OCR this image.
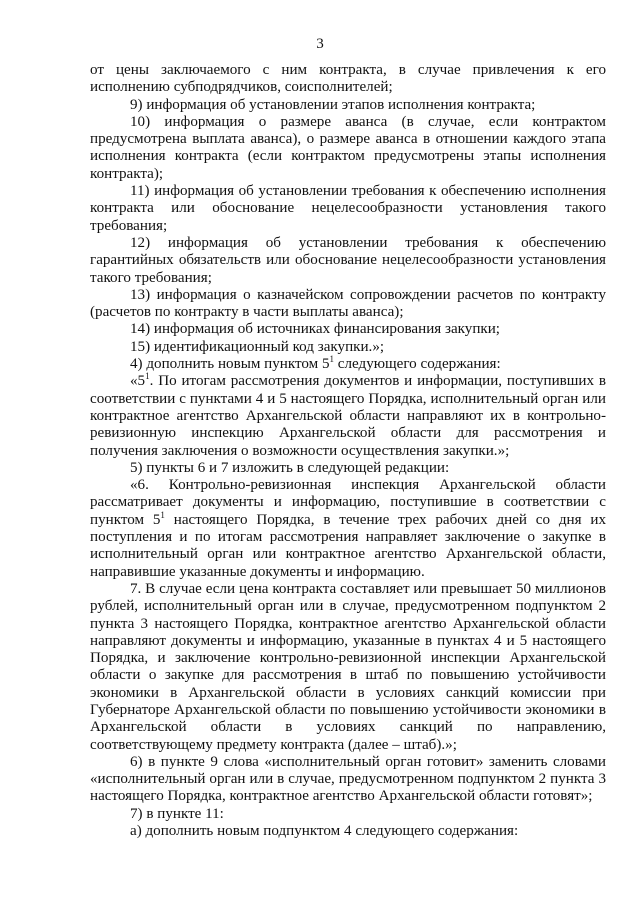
3

от цены заключаемого с ним контракта, в случае привлечения к его исполнению субподрядчиков, соисполнителей;

9) информация об установлении этапов исполнения контракта;

10) информация о размере аванса (в случае, если контрактом предусмотрена выплата аванса), о размере аванса в отношении каждого этапа исполнения контракта (если контрактом предусмотрены этапы исполнения контракта);

11) информация об установлении требования к обеспечению исполнения контракта или обоснование нецелесообразности установления такого требования;

12) информация об установлении требования к обеспечению гарантийных обязательств или обоснование нецелесообразности установления такого требования;

13) информация о казначейском сопровождении расчетов по контракту (расчетов по контракту в части выплаты аванса);

14) информация об источниках финансирования закупки;

15) идентификационный код закупки.»;

4) дополнить новым пунктом $5^1$ следующего содержания:

«$5^1$. По итогам рассмотрения документов и информации, поступивших в соответствии с пунктами 4 и 5 настоящего Порядка, исполнительный орган или контрактное агентство Архангельской области направляют их в контрольно-ревизионную инспекцию Архангельской области для рассмотрения и получения заключения о возможности осуществления закупки.»;

5) пункты 6 и 7 изложить в следующей редакции:

«6. Контрольно-ревизионная инспекция Архангельской области рассматривает документы и информацию, поступившие в соответствии с пунктом $5^1$ настоящего Порядка, в течение трех рабочих дней со дня их поступления и по итогам рассмотрения направляет заключение о закупке в исполнительный орган или контрактное агентство Архангельской области, направившие указанные документы и информацию.

7. В случае если цена контракта составляет или превышает 50 миллионов рублей, исполнительный орган или в случае, предусмотренном подпунктом 2 пункта 3 настоящего Порядка, контрактное агентство Архангельской области направляют документы и информацию, указанные в пунктах 4 и 5 настоящего Порядка, и заключение контрольно-ревизионной инспекции Архангельской области о закупке для рассмотрения в штаб по повышению устойчивости экономики в Архангельской области в условиях санкций комиссии при Губернаторе Архангельской области по повышению устойчивости экономики в Архангельской области в условиях санкций по направлению, соответствующему предмету контракта (далее – штаб).»;

6) в пункте 9 слова «исполнительный орган готовит» заменить словами «исполнительный орган или в случае, предусмотренном подпунктом 2 пункта 3 настоящего Порядка, контрактное агентство Архангельской области готовят»;

7) в пункте 11:

а) дополнить новым подпунктом 4 следующего содержания:
